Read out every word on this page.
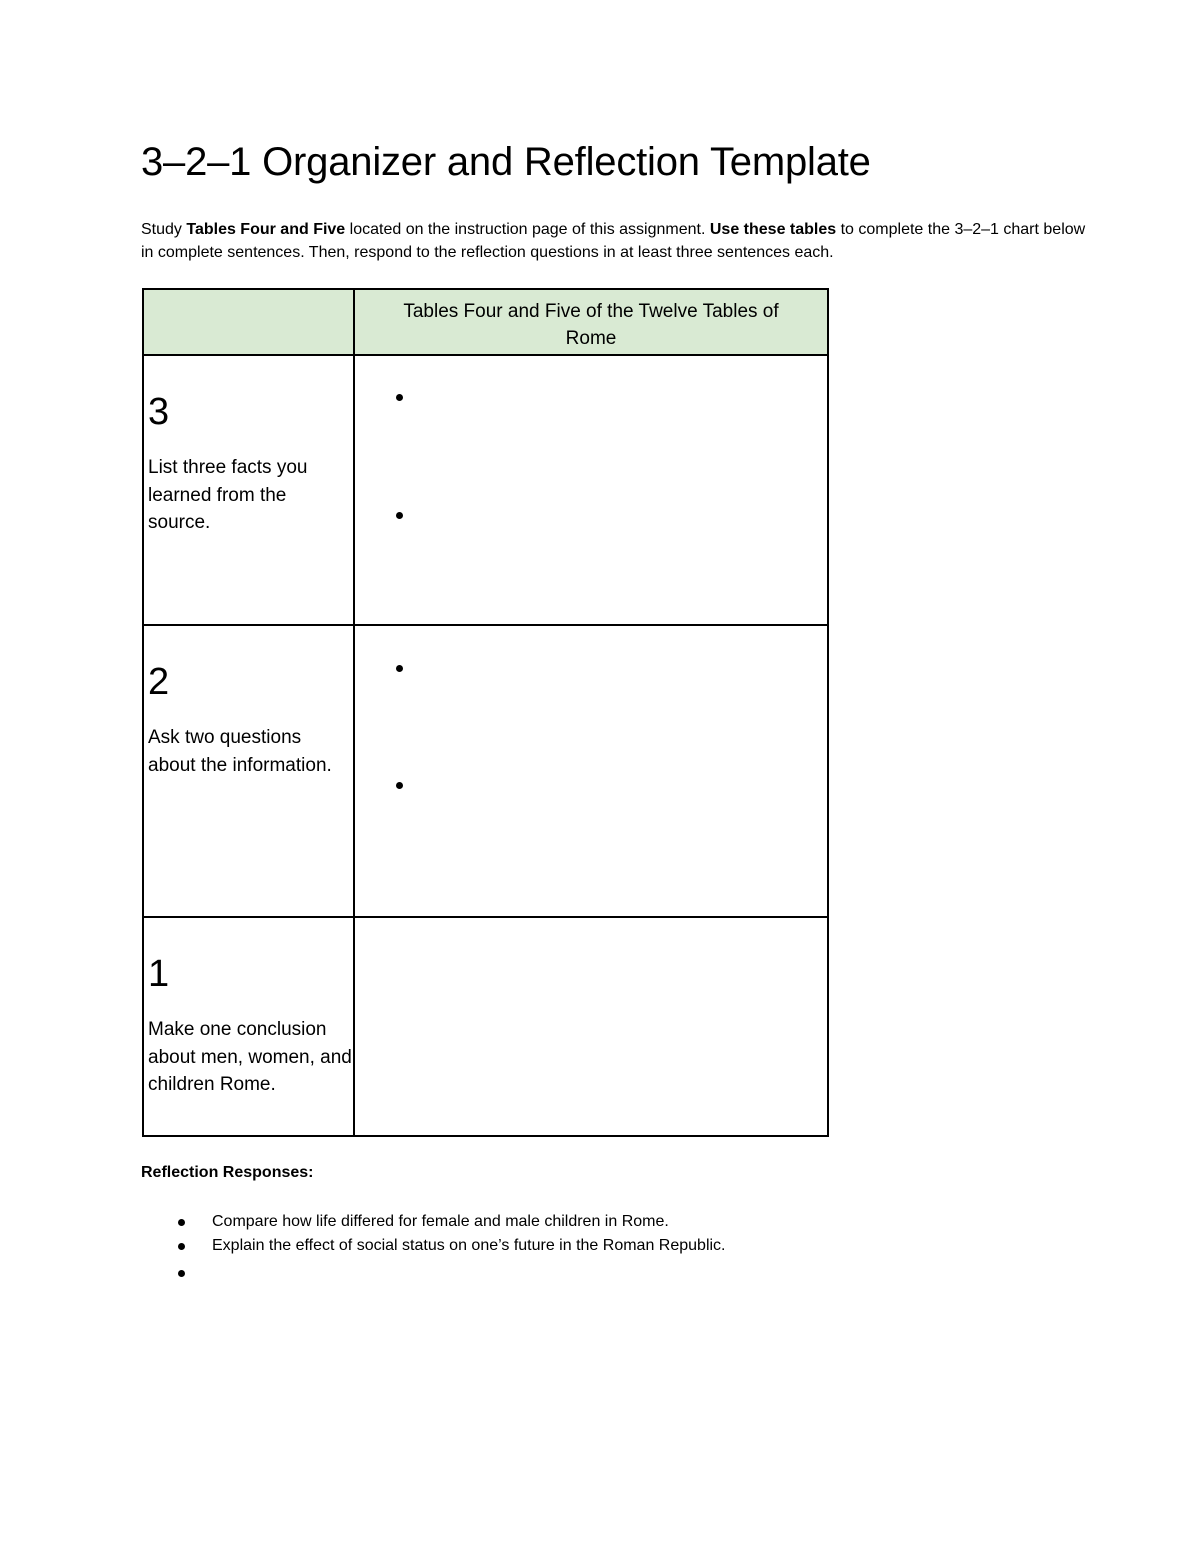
3–2–1 Organizer and Reflection Template

Study Tables Four and Five located on the instruction page of this assignment. Use these tables to complete the 3–2–1 chart below in complete sentences. Then, respond to the reflection questions in at least three sentences each.

	Tables Four and Five of the Twelve Tables of Rome

3

List three facts you learned from the source.	

2

Ask two questions about the information.	

1

Make one conclusion about men, women, and children Rome.	

Reflection Responses:

Compare how life differed for female and male children in Rome.
Explain the effect of social status on one’s future in the Roman Republic.
